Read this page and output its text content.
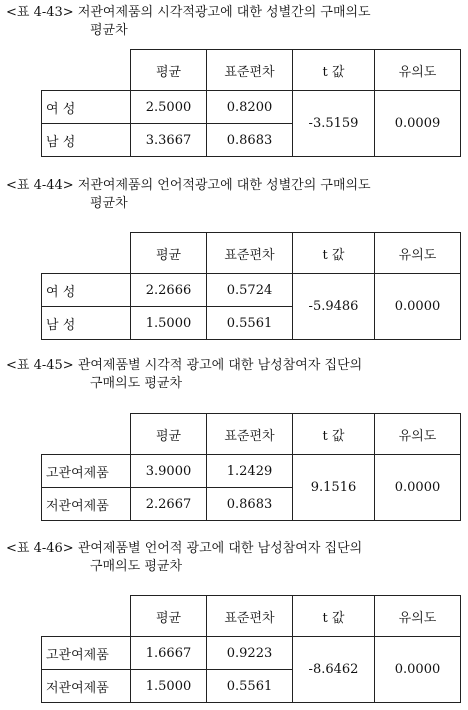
<표 4-43> 저관여제품의 시각적광고에 대한 성별간의 구매의도
평균차
	평균	표준편차	t 값	유의도
여 성	2.5000	0.8200	-3.5159	0.0009
남 성	3.3667	0.8683		
<표 4-44> 저관여제품의 언어적광고에 대한 성별간의 구매의도
평균차
	평균	표준편차	t 값	유의도
여 성	2.2666	0.5724	-5.9486	0.0000
남 성	1.5000	0.5561		
<표 4-45> 관여제품별 시각적 광고에 대한 남성참여자 집단의
구매의도 평균차
	평균	표준편차	t 값	유의도
고관여제품	3.9000	1.2429	9.1516	0.0000
저관여제품	2.2667	0.8683		
<표 4-46> 관여제품별 언어적 광고에 대한 남성참여자 집단의
구매의도 평균차
	평균	표준편차	t 값	유의도
고관여제품	1.6667	0.9223	-8.6462	0.0000
저관여제품	1.5000	0.5561		
